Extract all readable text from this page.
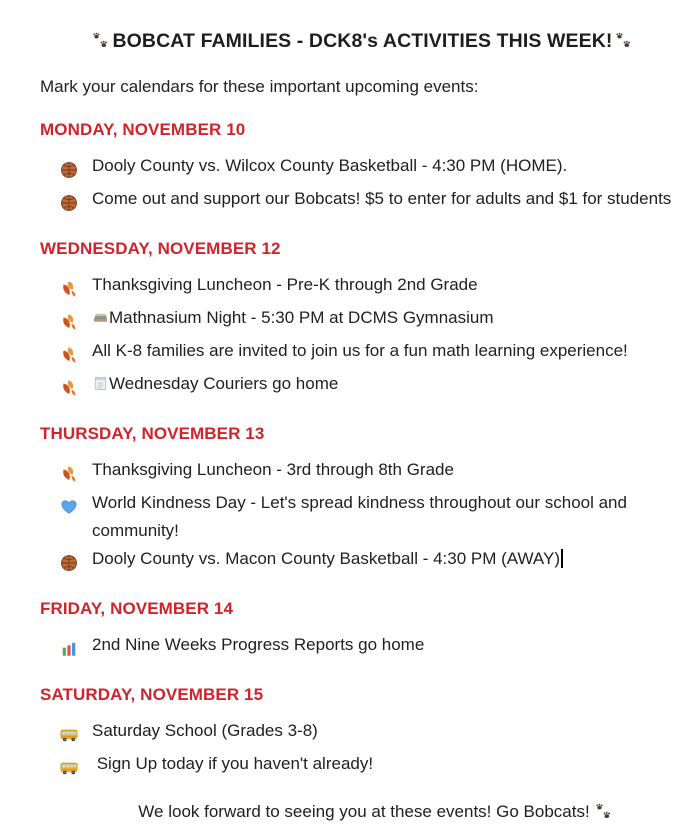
BOBCAT FAMILIES - DCK8's ACTIVITIES THIS WEEK!

Mark your calendars for these important upcoming events:

MONDAY, NOVEMBER 10
Dooly County vs. Wilcox County Basketball - 4:30 PM (HOME).
Come out and support our Bobcats! $5 to enter for adults and $1 for students
WEDNESDAY, NOVEMBER 12
Thanksgiving Luncheon - Pre-K through 2nd Grade
Mathnasium Night - 5:30 PM at DCMS Gymnasium
All K-8 families are invited to join us for a fun math learning experience!
Wednesday Couriers go home
THURSDAY, NOVEMBER 13
Thanksgiving Luncheon - 3rd through 8th Grade
World Kindness Day - Let's spread kindness throughout our school and community!
Dooly County vs. Macon County Basketball - 4:30 PM (AWAY)
FRIDAY, NOVEMBER 14
2nd Nine Weeks Progress Reports go home
SATURDAY, NOVEMBER 15
Saturday School (Grades 3-8)
Sign Up today if you haven't already!

We look forward to seeing you at these events! Go Bobcats!
